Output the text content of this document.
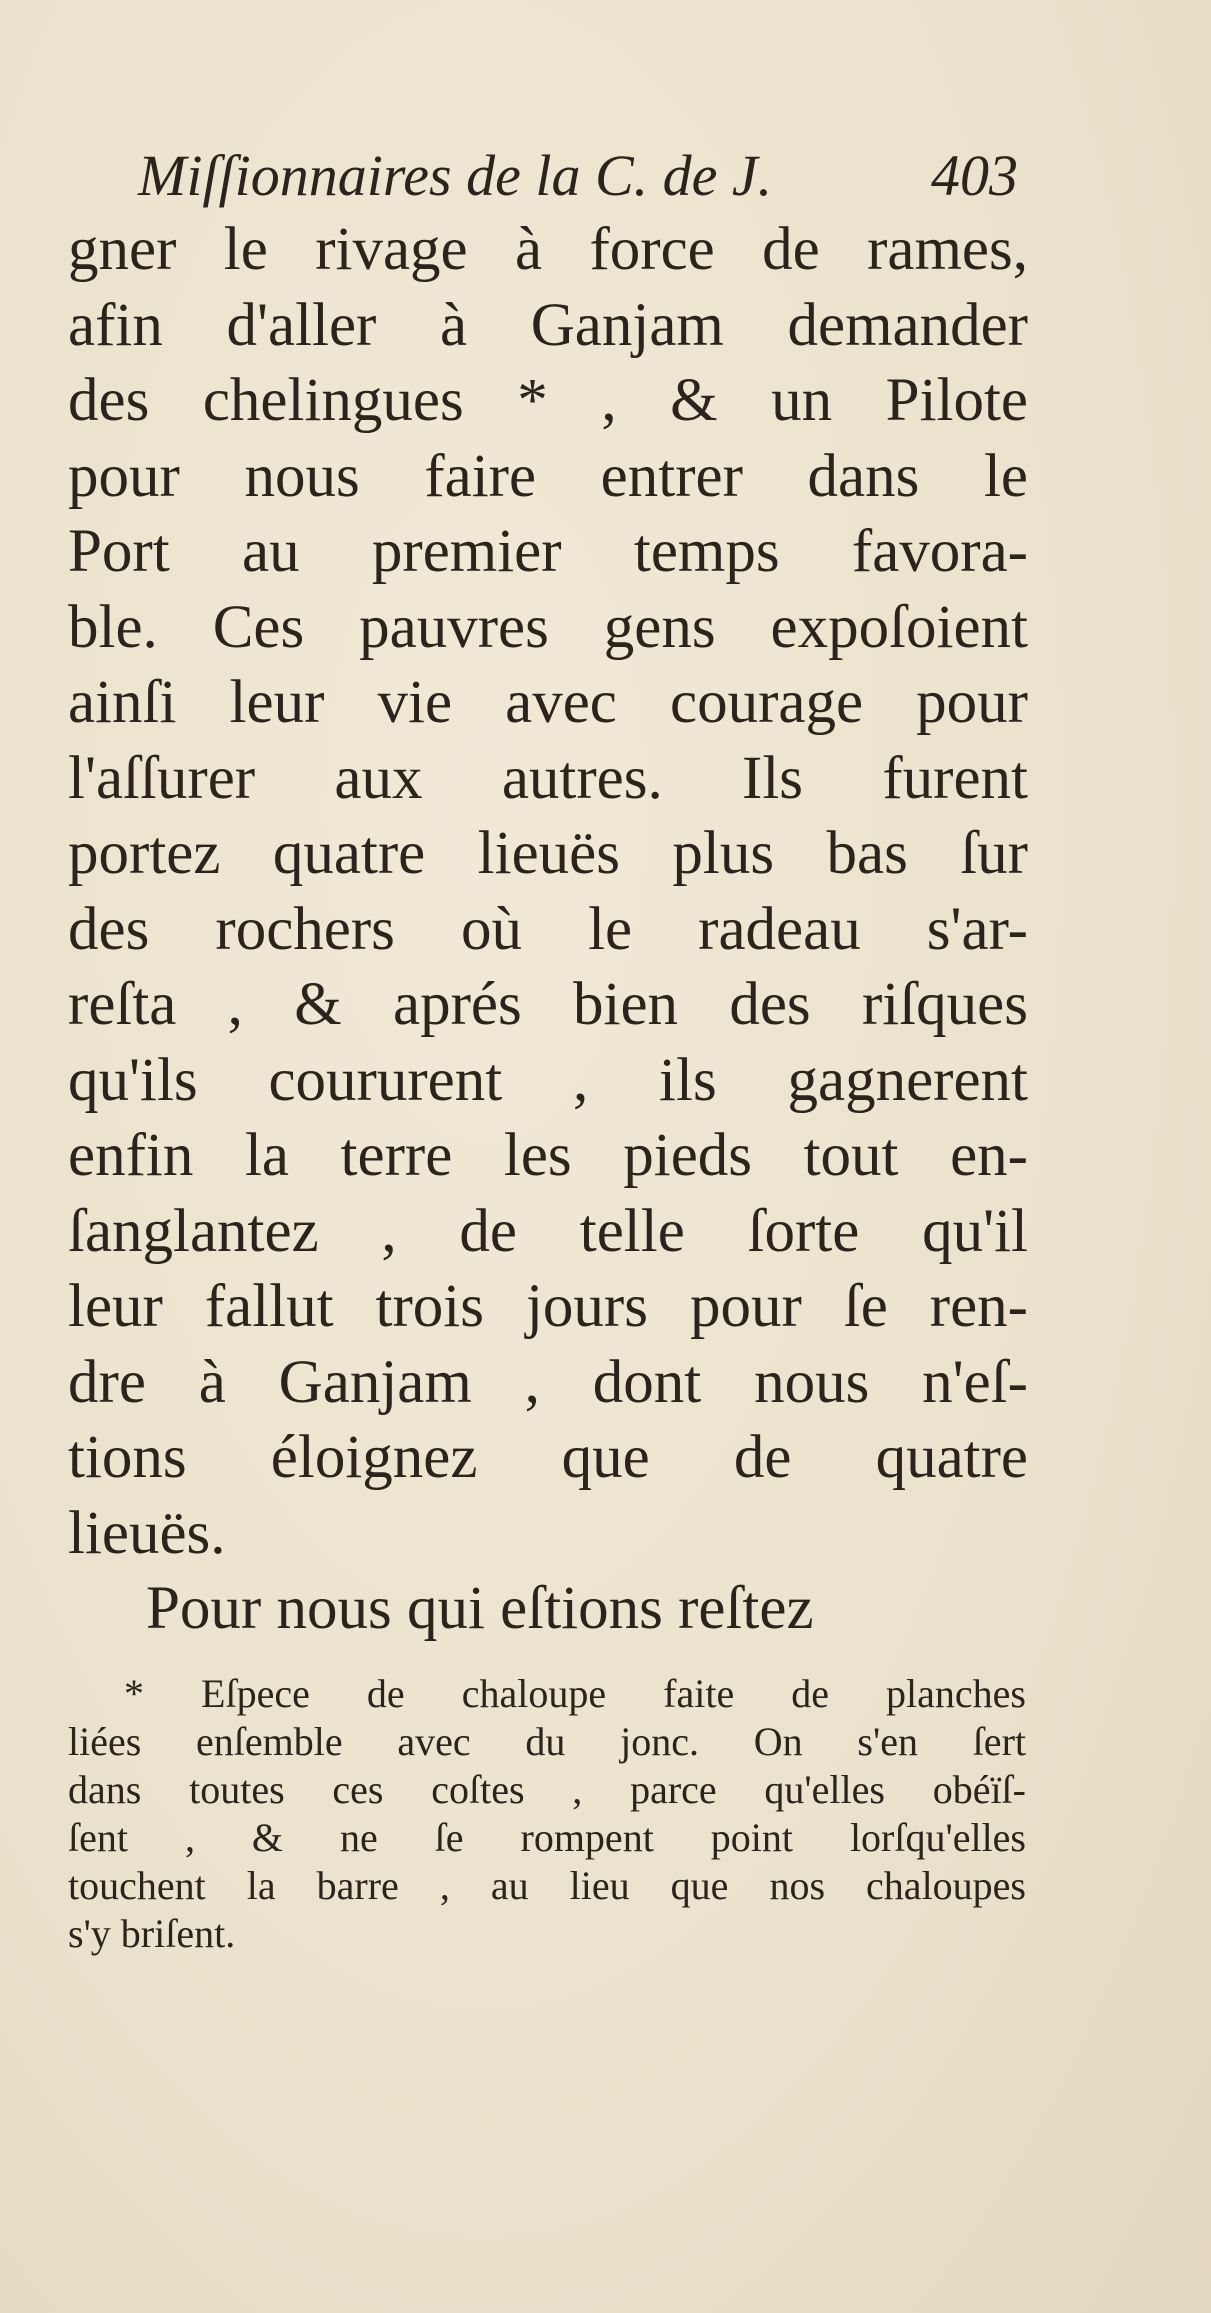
Miſſionnaires de la C. de J.	403
gner le rivage à force de rames,
afin d'aller à Ganjam demander
des chelingues * , & un Pilote
pour nous faire entrer dans le
Port au premier temps favora-
ble. Ces pauvres gens expoſoient
ainſi leur vie avec courage pour
l'aſſurer aux autres. Ils furent
portez quatre lieuës plus bas ſur
des rochers où le radeau s'ar-
reſta , & aprés bien des riſques
qu'ils coururent , ils gagnerent
enfin la terre les pieds tout en-
ſanglantez , de telle ſorte qu'il
leur fallut trois jours pour ſe ren-
dre à Ganjam , dont nous n'eſ-
tions éloignez que de quatre
lieuës.
Pour nous qui eſtions reſtez
* Eſpece de chaloupe faite de planches
liées enſemble avec du jonc. On s'en ſert
dans toutes ces coſtes , parce qu'elles obéïſ-
ſent , & ne ſe rompent point lorſqu'elles
touchent la barre , au lieu que nos chaloupes
s'y briſent.
